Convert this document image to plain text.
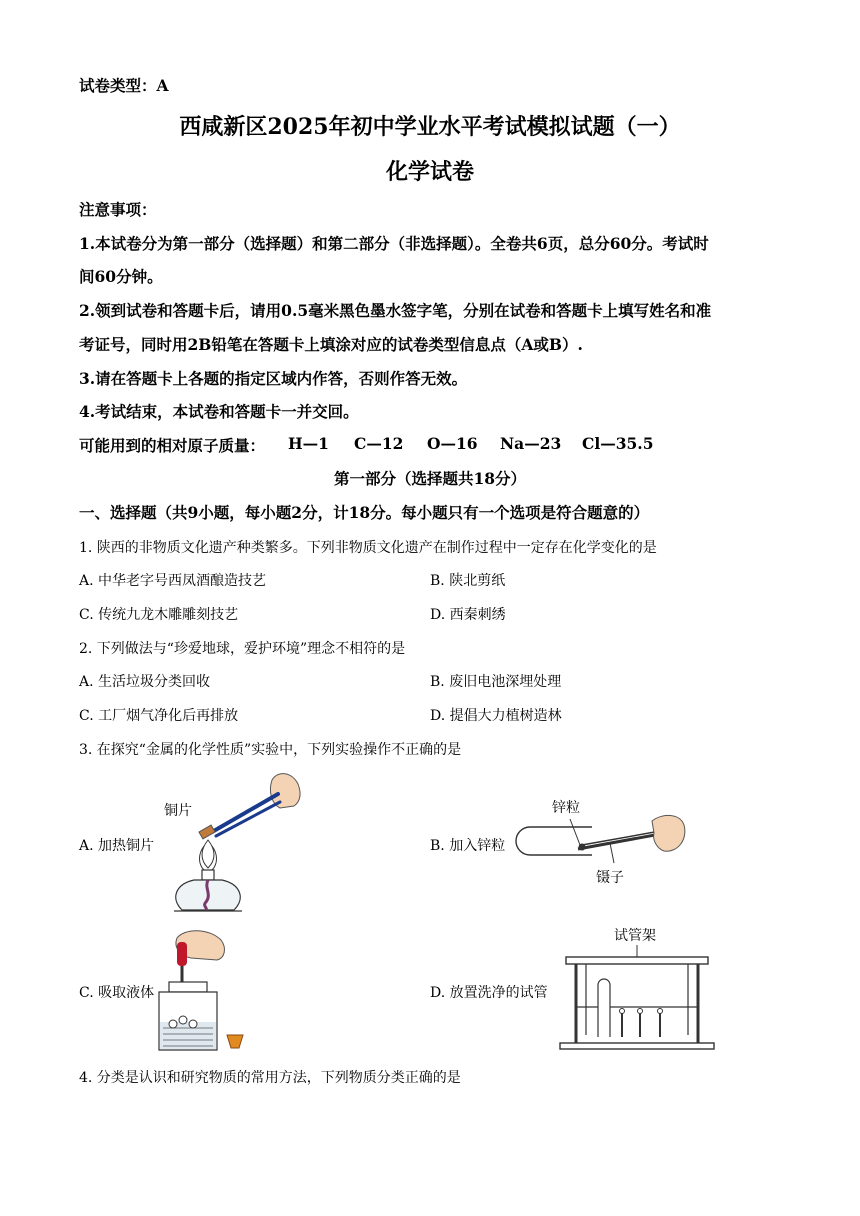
试卷类型：A
西咸新区2025年初中学业水平考试模拟试题（一）
化学试卷
注意事项：
1.本试卷分为第一部分（选择题）和第二部分（非选择题）。全卷共6页，总分60分。考试时
间60分钟。
2.领到试卷和答题卡后，请用0.5毫米黑色墨水签字笔，分别在试卷和答题卡上填写姓名和准
考证号，同时用2B铅笔在答题卡上填涂对应的试卷类型信息点（A或B）.
3.请在答题卡上各题的指定区域内作答，否则作答无效。
4.考试结束，本试卷和答题卡一并交回。
可能用到的相对原子质量： H—1 C—12 O—16 Na—23 Cl—35.5
第一部分（选择题共18分）
一、选择题（共9小题，每小题2分，计18分。每小题只有一个选项是符合题意的）
1. 陕西的非物质文化遗产种类繁多。下列非物质文化遗产在制作过程中一定存在化学变化的是
A. 中华老字号西凤酒酿造技艺	B. 陕北剪纸
C. 传统九龙木雕雕刻技艺	D. 西秦刺绣
2. 下列做法与“珍爱地球，爱护环境”理念不相符的是
A. 生活垃圾分类回收	B. 废旧电池深埋处理
C. 工厂烟气净化后再排放	D. 提倡大力植树造林
3. 在探究“金属的化学性质”实验中，下列实验操作不正确的是
A. 加热铜片	B. 加入锌粒
C. 吸取液体	D. 放置洗净的试管
铜片	锌粒
镊子
试管架
4. 分类是认识和研究物质的常用方法，下列物质分类正确的是
